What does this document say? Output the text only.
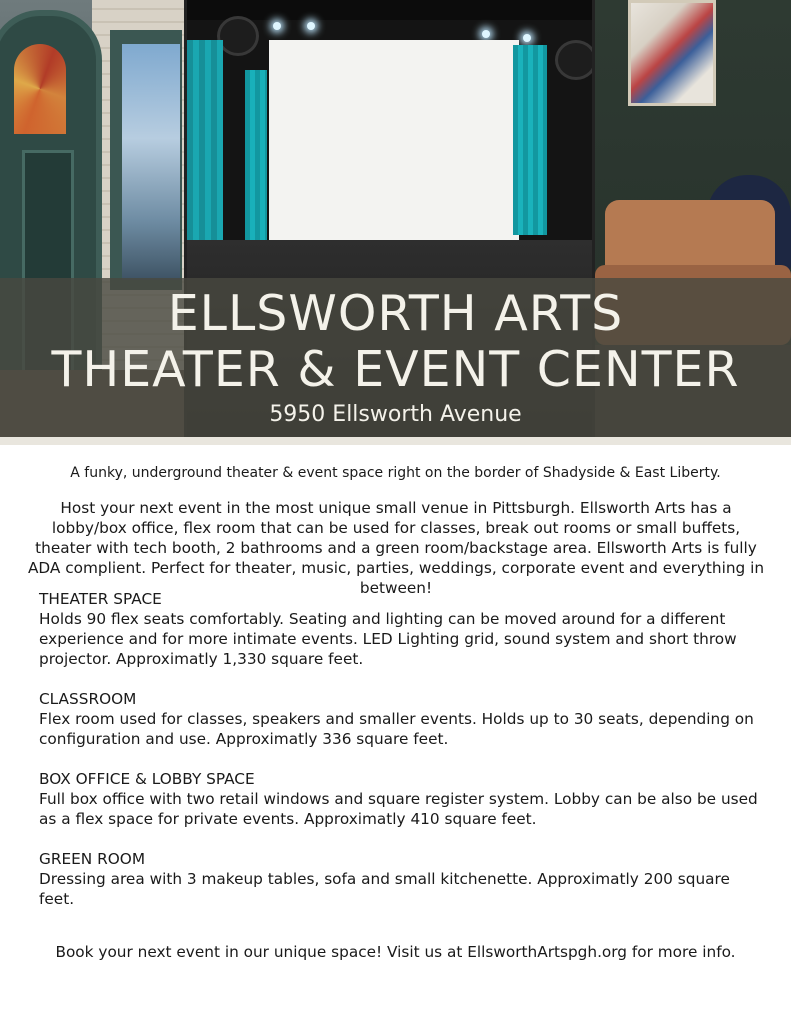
ELLSWORTH ARTS
THEATER & EVENT CENTER

5950 Ellsworth Avenue

A funky, underground theater & event space right on the border of Shadyside & East Liberty.

Host your next event in the most unique small venue in Pittsburgh. Ellsworth Arts has a lobby/box office, flex room that can be used for classes, break out rooms or small buffets, theater with tech booth, 2 bathrooms and a green room/backstage area. Ellsworth Arts is fully ADA complient. Perfect for theater, music, parties, weddings, corporate event and everything in between!

THEATER SPACE

Holds 90 flex seats comfortably. Seating and lighting can be moved around for a different experience and for more intimate events. LED Lighting grid, sound system and short throw projector. Approximatly 1,330 square feet.

CLASSROOM

Flex room used for classes, speakers and smaller events. Holds up to 30 seats, depending on configuration and use. Approximatly 336 square feet.

BOX OFFICE & LOBBY SPACE

Full box office with two retail windows and square register system. Lobby can be also be used as a flex space for private events. Approximatly 410 square feet.

GREEN ROOM

Dressing area with 3 makeup tables, sofa and small kitchenette. Approximatly 200 square feet.

Book your next event in our unique space! Visit us at EllsworthArtspgh.org for more info.
